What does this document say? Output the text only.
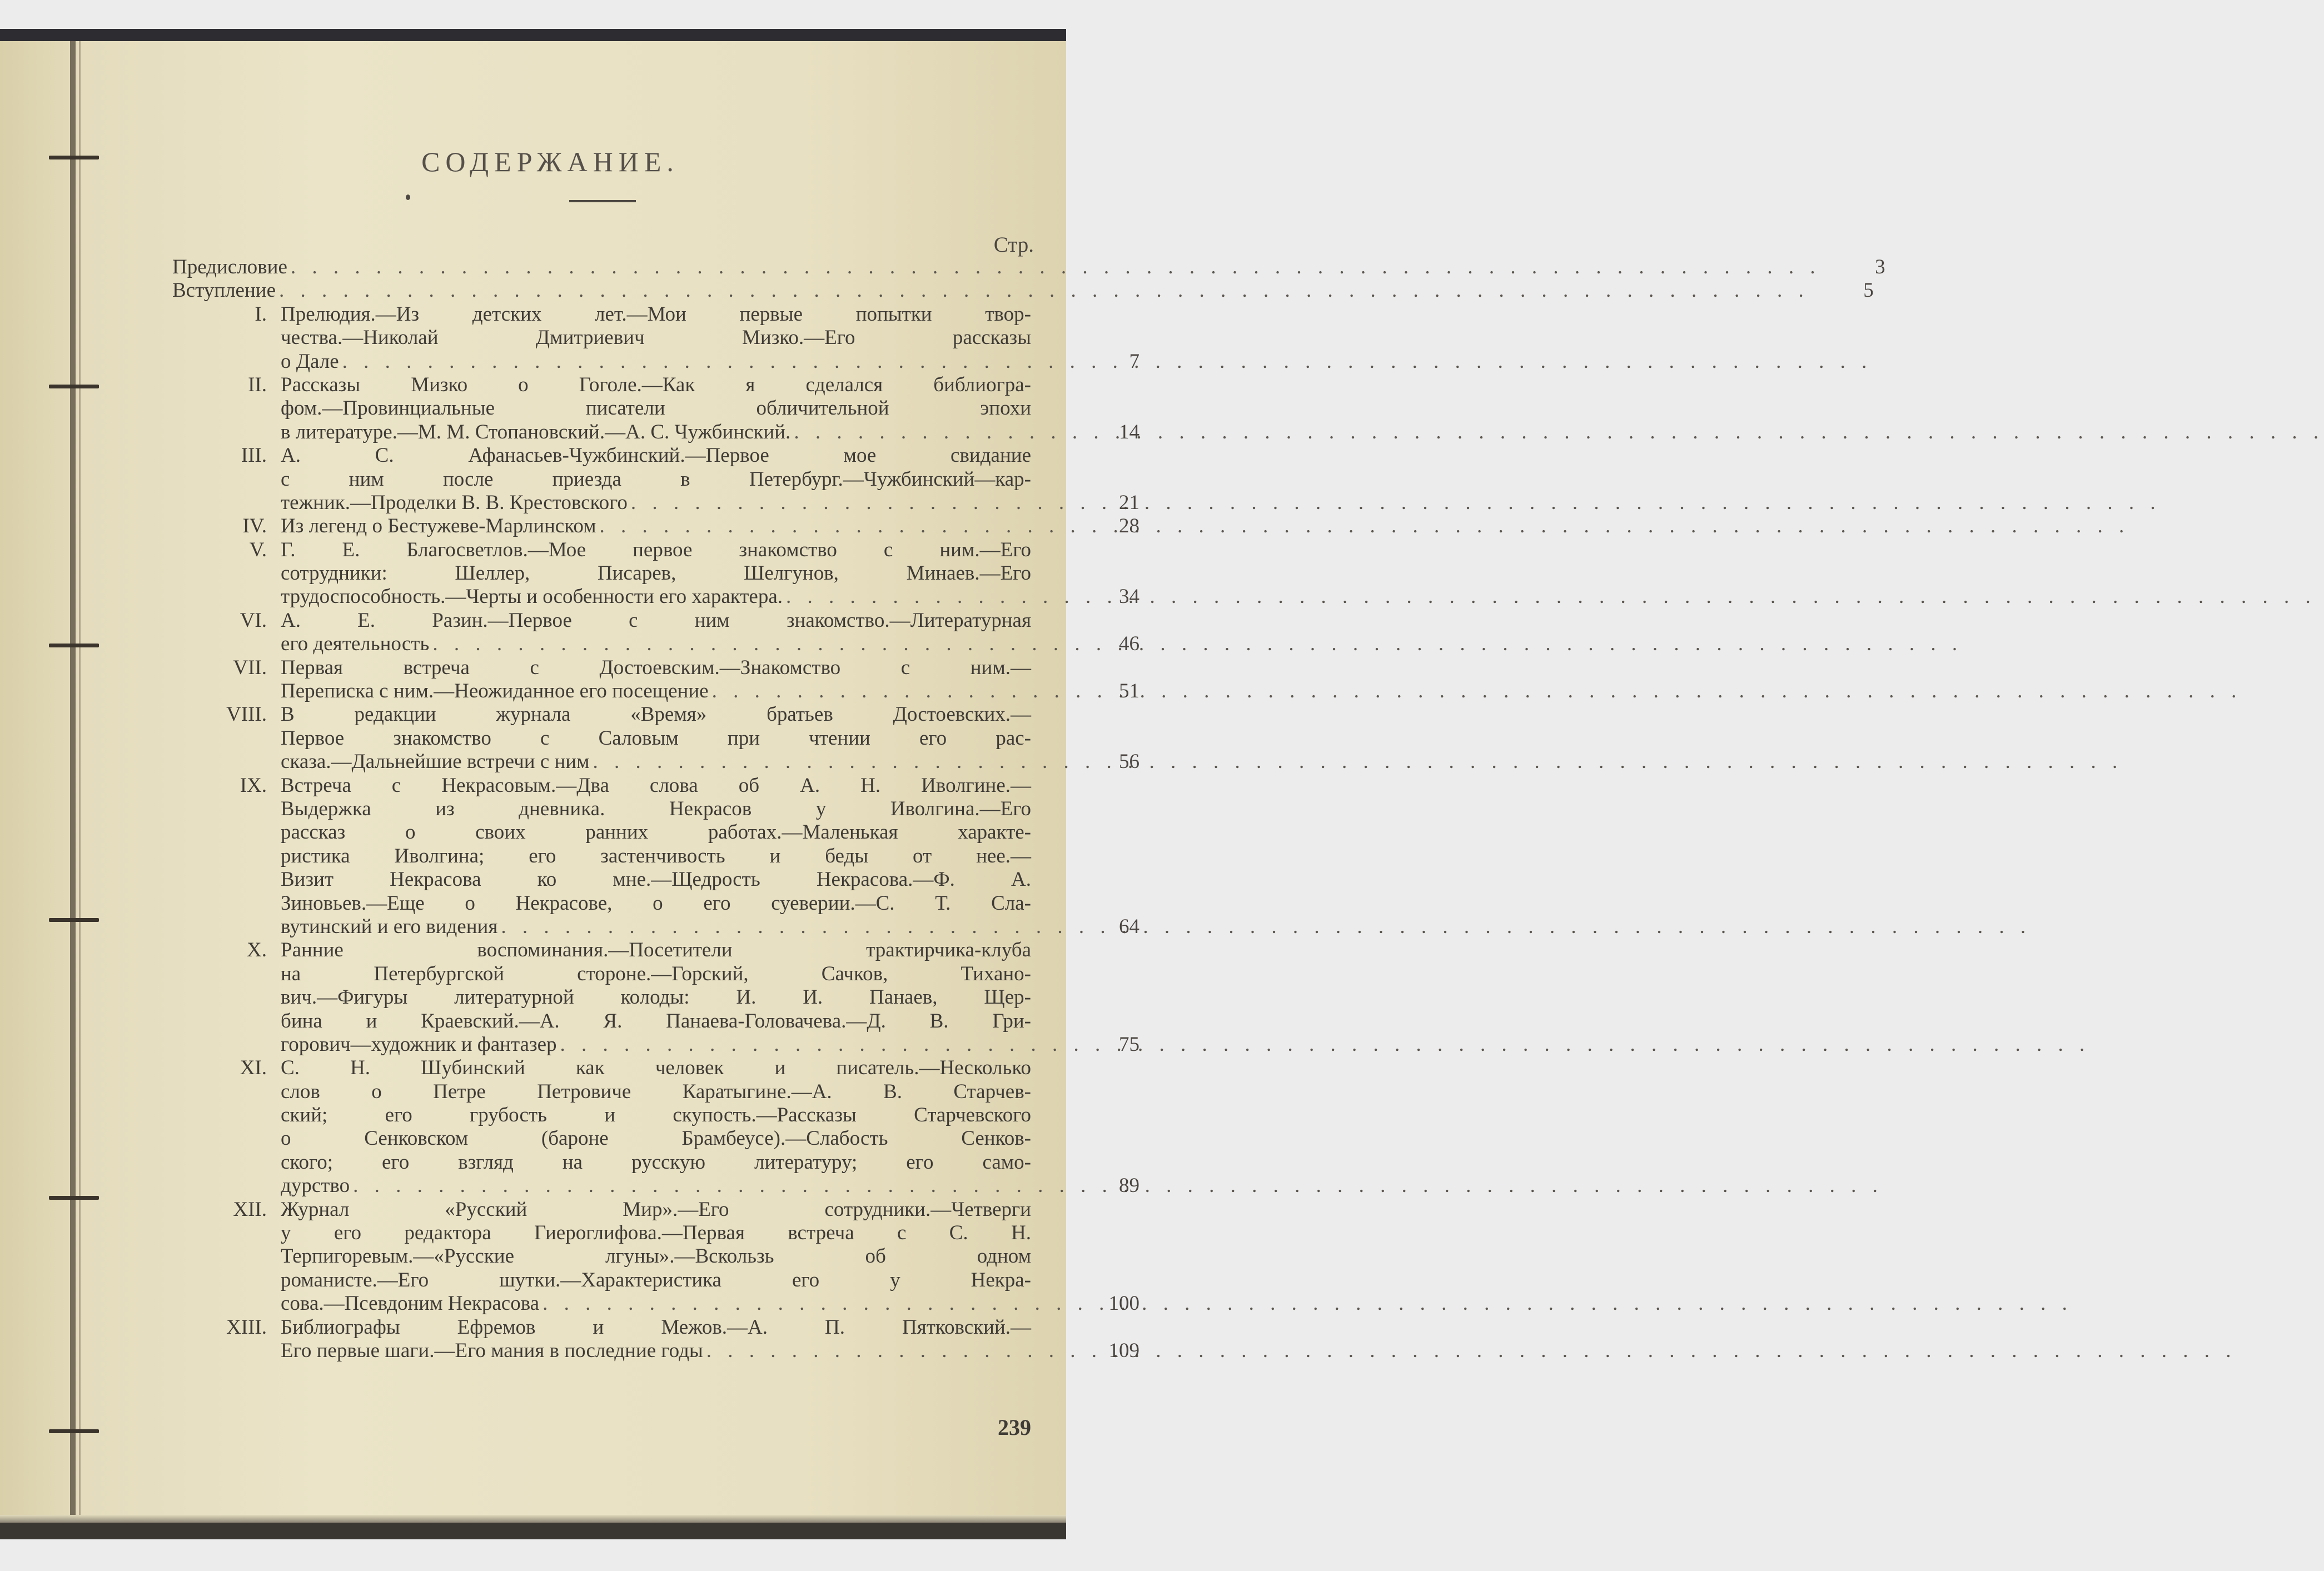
СОДЕРЖАНИЕ.
Стр.
Предисловие . . .	3
Вступление . . .	5
I. Прелюдия.—Из детских лет.—Мои первые попытки твор-
чества.—Николай Дмитриевич Мизко.—Его рассказы
о Дале . . .	7
II. Рассказы Мизко о Гоголе.—Как я сделался библиогра-
фом.—Провинциальные писатели обличительной эпохи
в литературе.—М. М. Стопановский.—А. С. Чужбинский. . . .	14
III. А. С. Афанасьев-Чужбинский.—Первое мое свидание
с ним после приезда в Петербург.—Чужбинский—кар-
тежник.—Проделки В. В. Крестовского . . .	21
IV. Из легенд о Бестужеве-Марлинском . . .	28
V. Г. Е. Благосветлов.—Мое первое знакомство с ним.—Его
сотрудники: Шеллер, Писарев, Шелгунов, Минаев.—Его
трудоспособность.—Черты и особенности его характера. . . .	34
VI. А. Е. Разин.—Первое с ним знакомство.—Литературная
его деятельность . . .	46
VII. Первая встреча с Достоевским.—Знакомство с ним.—
Переписка с ним.—Неожиданное его посещение . . .	51
VIII. В редакции журнала «Время» братьев Достоевских.—
Первое знакомство с Саловым при чтении его рас-
сказа.—Дальнейшие встречи с ним . . .	56
IX. Встреча с Некрасовым.—Два слова об А. Н. Иволгине.—
Выдержка из дневника. Некрасов у Иволгина.—Его
рассказ о своих ранних работах.—Маленькая характе-
ристика Иволгина; его застенчивость и беды от нее.—
Визит Некрасова ко мне.—Щедрость Некрасова.—Ф. А.
Зиновьев.—Еще о Некрасове, о его суеверии.—С. Т. Сла-
вутинский и его видения . . .	64
X. Ранние воспоминания.—Посетители трактирчика-клуба
на Петербургской стороне.—Горский, Сачков, Тихано-
вич.—Фигуры литературной колоды: И. И. Панаев, Щер-
бина и Краевский.—А. Я. Панаева-Головачева.—Д. В. Гри-
горович—художник и фантазер . . .	75
XI. С. Н. Шубинский как человек и писатель.—Несколько
слов о Петре Петровиче Каратыгине.—А. В. Старчев-
ский; его грубость и скупость.—Рассказы Старчевского
о Сенковском (бароне Брамбеусе).—Слабость Сенков-
ского; его взгляд на русскую литературу; его само-
дурство . . .	89
XII. Журнал «Русский Мир».—Его сотрудники.—Четверги
у его редактора Гиероглифова.—Первая встреча с С. Н.
Терпигоревым.—«Русские лгуны».—Вскользь об одном
романисте.—Его шутки.—Характеристика его у Некра-
сова.—Псевдоним Некрасова . . .	100
XIII. Библиографы Ефремов и Межов.—А. П. Пятковский.—
Его первые шаги.—Его мания в последние годы . . .	109
239
